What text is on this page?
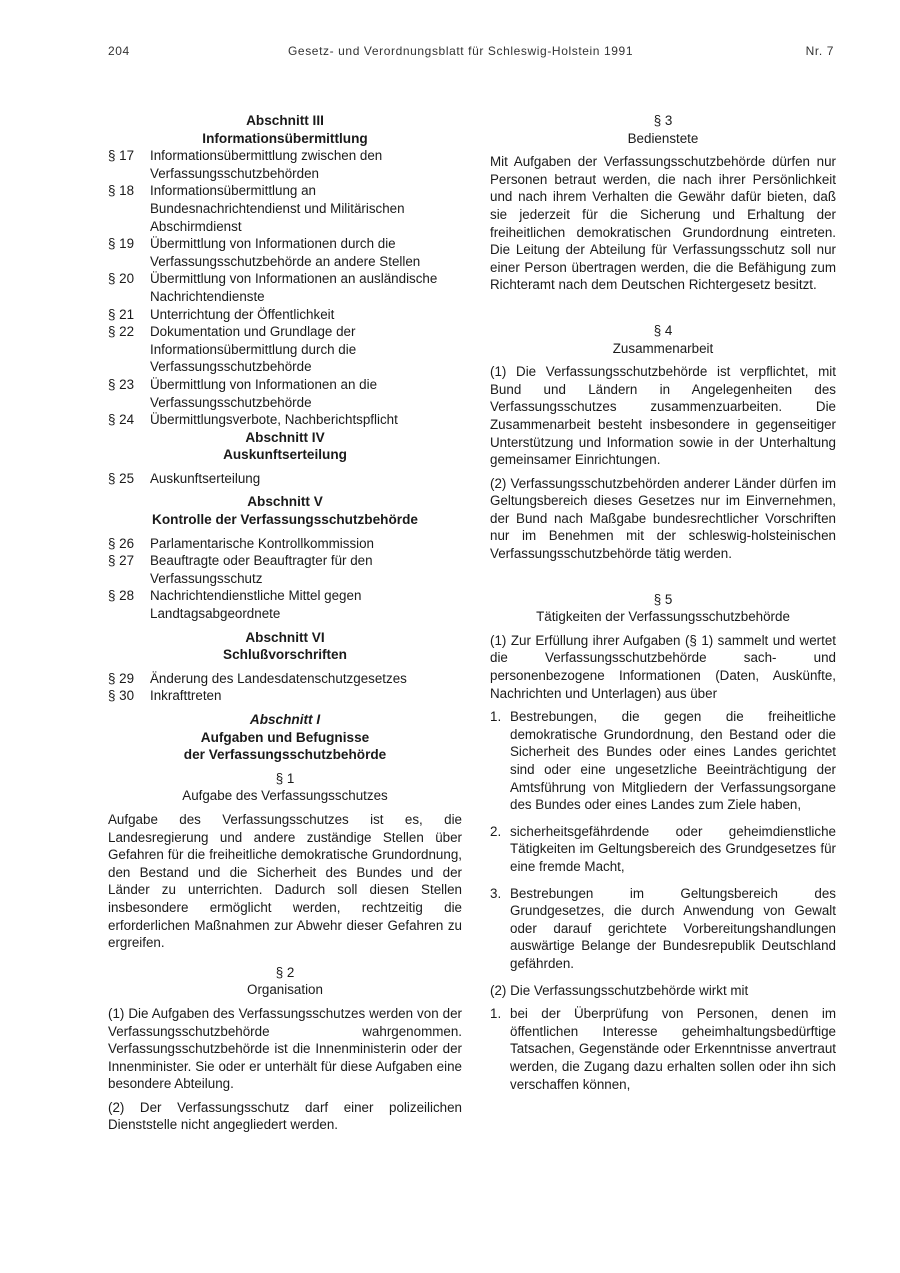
204	Gesetz- und Verordnungsblatt für Schleswig-Holstein 1991	Nr. 7
Abschnitt III
Informationsübermittlung
§ 17	Informationsübermittlung zwischen den Verfassungsschutzbehörden
§ 18	Informationsübermittlung an Bundesnachrichtendienst und Militärischen Abschirmdienst
§ 19	Übermittlung von Informationen durch die Verfassungsschutzbehörde an andere Stellen
§ 20	Übermittlung von Informationen an ausländische Nachrichtendienste
§ 21	Unterrichtung der Öffentlichkeit
§ 22	Dokumentation und Grundlage der Informationsübermittlung durch die Verfassungsschutzbehörde
§ 23	Übermittlung von Informationen an die Verfassungsschutzbehörde
§ 24	Übermittlungsverbote, Nachberichtspflicht
Abschnitt IV
Auskunftserteilung
§ 25	Auskunftserteilung
Abschnitt V
Kontrolle der Verfassungsschutzbehörde
§ 26	Parlamentarische Kontrollkommission
§ 27	Beauftragte oder Beauftragter für den Verfassungsschutz
§ 28	Nachrichtendienstliche Mittel gegen Landtagsabgeordnete
Abschnitt VI
Schlußvorschriften
§ 29	Änderung des Landesdatenschutzgesetzes
§ 30	Inkrafttreten
Abschnitt I
Aufgaben und Befugnisse
der Verfassungsschutzbehörde
§ 1
Aufgabe des Verfassungsschutzes
Aufgabe des Verfassungsschutzes ist es, die Landesregierung und andere zuständige Stellen über Gefahren für die freiheitliche demokratische Grundordnung, den Bestand und die Sicherheit des Bundes und der Länder zu unterrichten. Dadurch soll diesen Stellen insbesondere ermöglicht werden, rechtzeitig die erforderlichen Maßnahmen zur Abwehr dieser Gefahren zu ergreifen.
§ 2
Organisation
(1) Die Aufgaben des Verfassungsschutzes werden von der Verfassungsschutzbehörde wahrgenommen. Verfassungsschutzbehörde ist die Innenministerin oder der Innenminister. Sie oder er unterhält für diese Aufgaben eine besondere Abteilung.
(2) Der Verfassungsschutz darf einer polizeilichen Dienststelle nicht angegliedert werden.
§ 3
Bedienstete
Mit Aufgaben der Verfassungsschutzbehörde dürfen nur Personen betraut werden, die nach ihrer Persönlichkeit und nach ihrem Verhalten die Gewähr dafür bieten, daß sie jederzeit für die Sicherung und Erhaltung der freiheitlichen demokratischen Grundordnung eintreten. Die Leitung der Abteilung für Verfassungsschutz soll nur einer Person übertragen werden, die die Befähigung zum Richteramt nach dem Deutschen Richtergesetz besitzt.
§ 4
Zusammenarbeit
(1) Die Verfassungsschutzbehörde ist verpflichtet, mit Bund und Ländern in Angelegenheiten des Verfassungsschutzes zusammenzuarbeiten. Die Zusammenarbeit besteht insbesondere in gegenseitiger Unterstützung und Information sowie in der Unterhaltung gemeinsamer Einrichtungen.
(2) Verfassungsschutzbehörden anderer Länder dürfen im Geltungsbereich dieses Gesetzes nur im Einvernehmen, der Bund nach Maßgabe bundesrechtlicher Vorschriften nur im Benehmen mit der schleswig-holsteinischen Verfassungsschutzbehörde tätig werden.
§ 5
Tätigkeiten der Verfassungsschutzbehörde
(1) Zur Erfüllung ihrer Aufgaben (§ 1) sammelt und wertet die Verfassungsschutzbehörde sach- und personenbezogene Informationen (Daten, Auskünfte, Nachrichten und Unterlagen) aus über
1. Bestrebungen, die gegen die freiheitliche demokratische Grundordnung, den Bestand oder die Sicherheit des Bundes oder eines Landes gerichtet sind oder eine ungesetzliche Beeinträchtigung der Amtsführung von Mitgliedern der Verfassungsorgane des Bundes oder eines Landes zum Ziele haben,
2. sicherheitsgefährdende oder geheimdienstliche Tätigkeiten im Geltungsbereich des Grundgesetzes für eine fremde Macht,
3. Bestrebungen im Geltungsbereich des Grundgesetzes, die durch Anwendung von Gewalt oder darauf gerichtete Vorbereitungshandlungen auswärtige Belange der Bundesrepublik Deutschland gefährden.
(2) Die Verfassungsschutzbehörde wirkt mit
1. bei der Überprüfung von Personen, denen im öffentlichen Interesse geheimhaltungsbedürftige Tatsachen, Gegenstände oder Erkenntnisse anvertraut werden, die Zugang dazu erhalten sollen oder ihn sich verschaffen können,
